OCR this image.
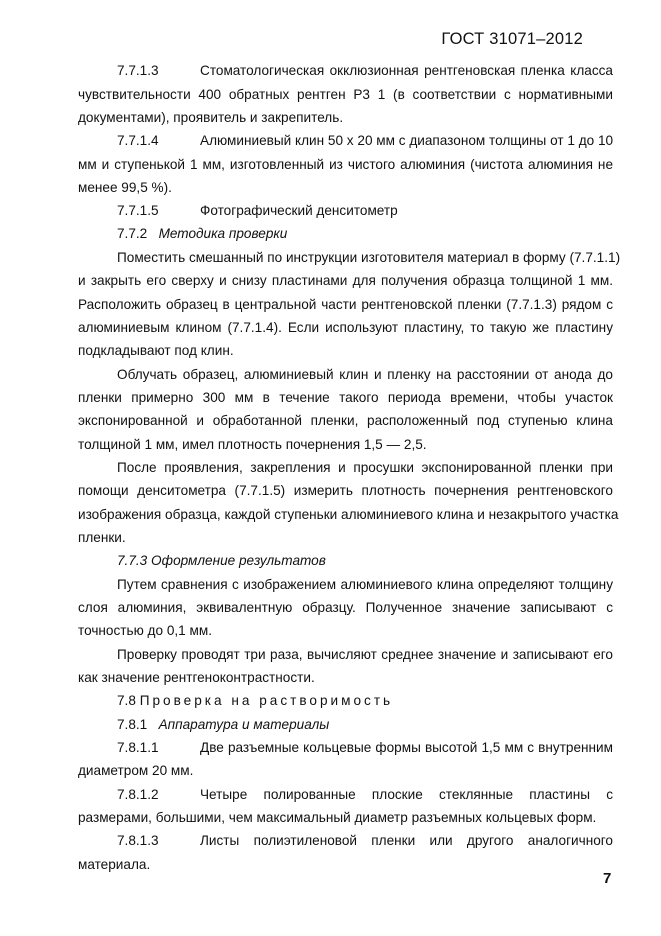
ГОСТ 31071–2012
7.7.1.3	Стоматологическая окклюзионная рентгеновская пленка класса
чувствительности 400 обратных рентген Р3 1 (в соответствии с нормативными
документами), проявитель и закрепитель.
7.7.1.4	Алюминиевый клин 50 х 20 мм с диапазоном толщины от 1 до 10
мм и ступенькой 1 мм, изготовленный из чистого алюминия (чистота алюминия не
менее 99,5 %).
7.7.1.5	Фотографический денситометр
7.7.2 Методика проверки
Поместить смешанный по инструкции изготовителя материал в форму (7.7.1.1)
и закрыть его сверху и снизу пластинами для получения образца толщиной 1 мм.
Расположить образец в центральной части рентгеновской пленки (7.7.1.3) рядом с
алюминиевым клином (7.7.1.4). Если используют пластину, то такую же пластину
подкладывают под клин.
Облучать образец, алюминиевый клин и пленку на расстоянии от анода до
пленки примерно 300 мм в течение такого периода времени, чтобы участок
экспонированной и обработанной пленки, расположенный под ступенью клина
толщиной 1 мм, имел плотность почернения 1,5 — 2,5.
После проявления, закрепления и просушки экспонированной пленки при
помощи денситометра (7.7.1.5) измерить плотность почернения рентгеновского
изображения образца, каждой ступеньки алюминиевого клина и незакрытого участка
пленки.
7.7.3 Оформление результатов
Путем сравнения с изображением алюминиевого клина определяют толщину
слоя алюминия, эквивалентную образцу. Полученное значение записывают с
точностью до 0,1 мм.
Проверку проводят три раза, вычисляют среднее значение и записывают его
как значение рентгеноконтрастности.
7.8 Проверка на растворимость
7.8.1 Аппаратура и материалы
7.8.1.1	Две разъемные кольцевые формы высотой 1,5 мм с внутренним
диаметром 20 мм.
7.8.1.2	Четыре полированные плоские стеклянные пластины с
размерами, большими, чем максимальный диаметр разъемных кольцевых форм.
7.8.1.3	Листы полиэтиленовой пленки или другого аналогичного
материала.
7
